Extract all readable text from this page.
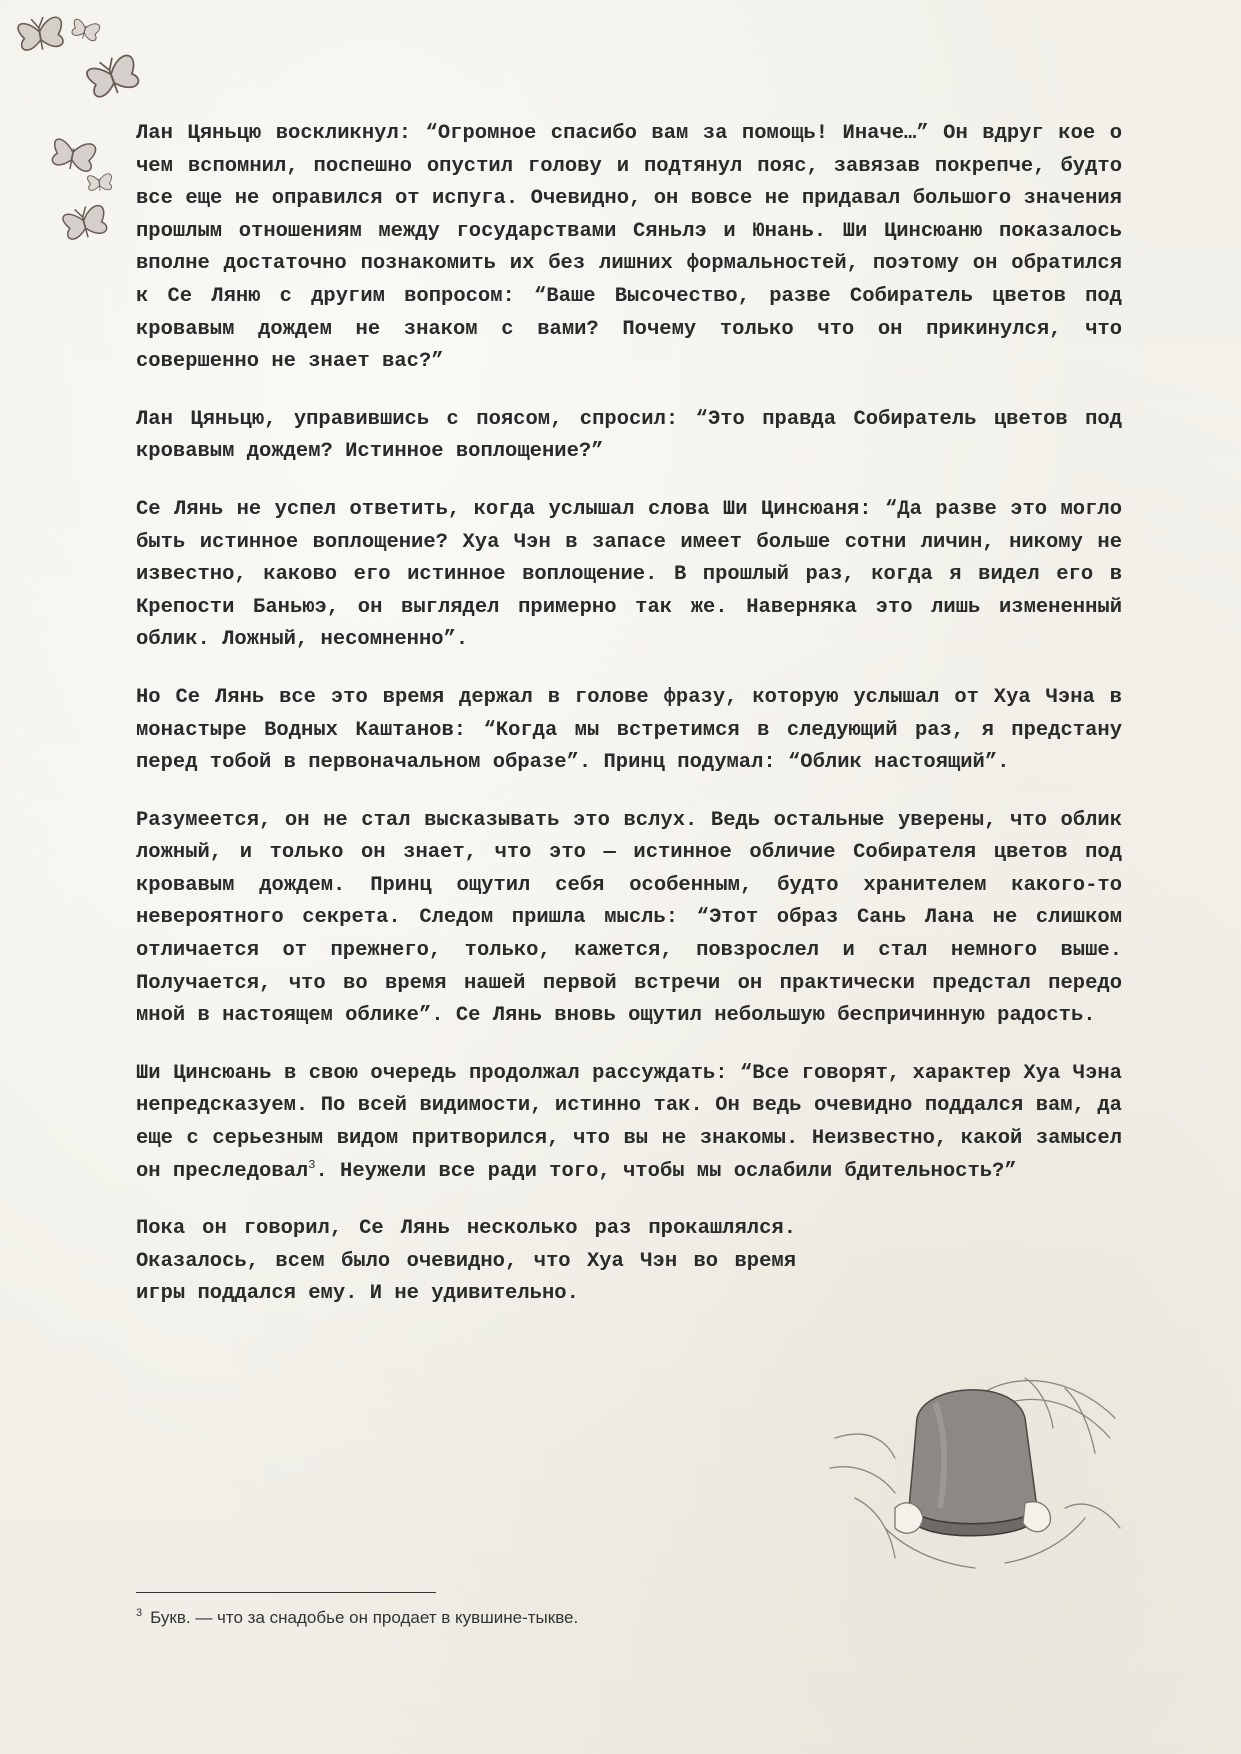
Лан Цяньцю воскликнул: “Огромное спасибо вам за помощь! Иначе…” Он вдруг кое о чем вспомнил, поспешно опустил голову и подтянул пояс, завязав покрепче, будто все еще не оправился от испуга. Очевидно, он вовсе не придавал большого значения прошлым отношениям между государствами Сяньлэ и Юнань. Ши Цинсюаню показалось вполне достаточно познакомить их без лишних формальностей, поэтому он обратился к Се Ляню с другим вопросом: “Ваше Высочество, разве Собиратель цветов под кровавым дождем не знаком с вами? Почему только что он прикинулся, что совершенно не знает вас?”

Лан Цяньцю, управившись с поясом, спросил: “Это правда Собиратель цветов под кровавым дождем? Истинное воплощение?”

Се Лянь не успел ответить, когда услышал слова Ши Цинсюаня: “Да разве это могло быть истинное воплощение? Хуа Чэн в запасе имеет больше сотни личин, никому не известно, каково его истинное воплощение. В прошлый раз, когда я видел его в Крепости Баньюэ, он выглядел примерно так же. Наверняка это лишь измененный облик. Ложный, несомненно”.

Но Се Лянь все это время держал в голове фразу, которую услышал от Хуа Чэна в монастыре Водных Каштанов: “Когда мы встретимся в следующий раз, я предстану перед тобой в первоначальном образе”. Принц подумал: “Облик настоящий”.

Разумеется, он не стал высказывать это вслух. Ведь остальные уверены, что облик ложный, и только он знает, что это — истинное обличие Собирателя цветов под кровавым дождем. Принц ощутил себя особенным, будто хранителем какого-то невероятного секрета. Следом пришла мысль: “Этот образ Сань Лана не слишком отличается от прежнего, только, кажется, повзрослел и стал немного выше. Получается, что во время нашей первой встречи он практически предстал передо мной в настоящем облике”. Се Лянь вновь ощутил небольшую беспричинную радость.

Ши Цинсюань в свою очередь продолжал рассуждать: “Все говорят, характер Хуа Чэна непредсказуем. По всей видимости, истинно так. Он ведь очевидно поддался вам, да еще с серьезным видом притворился, что вы не знакомы. Неизвестно, какой замысел он преследовал$^3$. Неужели все ради того, чтобы мы ослабили бдительность?”

Пока он говорил, Се Лянь несколько раз прокашлялся. Оказалось, всем было очевидно, что Хуа Чэн во время игры поддался ему. И не удивительно.

$^3$ Букв. — что за снадобье он продает в кувшине-тыкве.
